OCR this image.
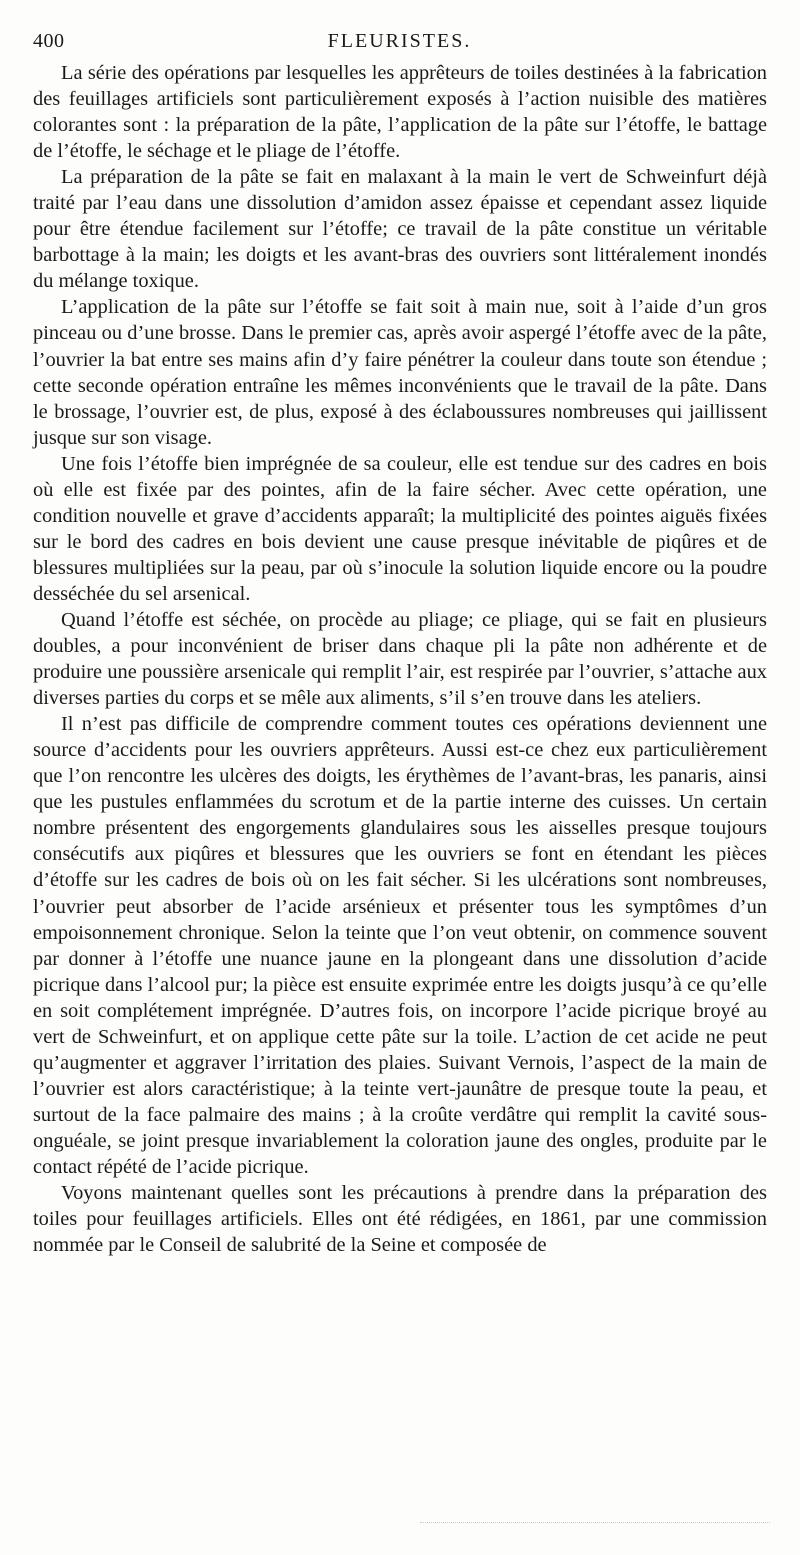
400	FLEURISTES.

La série des opérations par lesquelles les apprêteurs de toiles destinées à la fabrication des feuillages artificiels sont particulièrement exposés à l’action nuisible des matières colorantes sont : la préparation de la pâte, l’application de la pâte sur l’étoffe, le battage de l’étoffe, le séchage et le pliage de l’étoffe.

La préparation de la pâte se fait en malaxant à la main le vert de Schweinfurt déjà traité par l’eau dans une dissolution d’amidon assez épaisse et cependant assez liquide pour être étendue facilement sur l’étoffe; ce travail de la pâte constitue un véritable barbottage à la main; les doigts et les avant-bras des ouvriers sont littéralement inondés du mélange toxique.

L’application de la pâte sur l’étoffe se fait soit à main nue, soit à l’aide d’un gros pinceau ou d’une brosse. Dans le premier cas, après avoir aspergé l’étoffe avec de la pâte, l’ouvrier la bat entre ses mains afin d’y faire pénétrer la couleur dans toute son étendue ; cette seconde opération entraîne les mêmes inconvénients que le travail de la pâte. Dans le brossage, l’ouvrier est, de plus, exposé à des éclaboussures nombreuses qui jaillissent jusque sur son visage.

Une fois l’étoffe bien imprégnée de sa couleur, elle est tendue sur des cadres en bois où elle est fixée par des pointes, afin de la faire sécher. Avec cette opération, une condition nouvelle et grave d’accidents apparaît; la multiplicité des pointes aiguës fixées sur le bord des cadres en bois devient une cause presque inévitable de piqûres et de blessures multipliées sur la peau, par où s’inocule la solution liquide encore ou la poudre desséchée du sel arsenical.

Quand l’étoffe est séchée, on procède au pliage; ce pliage, qui se fait en plusieurs doubles, a pour inconvénient de briser dans chaque pli la pâte non adhérente et de produire une poussière arsenicale qui remplit l’air, est respirée par l’ouvrier, s’attache aux diverses parties du corps et se mêle aux aliments, s’il s’en trouve dans les ateliers.

Il n’est pas difficile de comprendre comment toutes ces opérations deviennent une source d’accidents pour les ouvriers apprêteurs. Aussi est-ce chez eux particulièrement que l’on rencontre les ulcères des doigts, les érythèmes de l’avant-bras, les panaris, ainsi que les pustules enflammées du scrotum et de la partie interne des cuisses. Un certain nombre présentent des engorgements glandulaires sous les aisselles presque toujours consécutifs aux piqûres et blessures que les ouvriers se font en étendant les pièces d’étoffe sur les cadres de bois où on les fait sécher. Si les ulcérations sont nombreuses, l’ouvrier peut absorber de l’acide arsénieux et présenter tous les symptômes d’un empoisonnement chronique. Selon la teinte que l’on veut obtenir, on commence souvent par donner à l’étoffe une nuance jaune en la plongeant dans une dissolution d’acide picrique dans l’alcool pur; la pièce est ensuite exprimée entre les doigts jusqu’à ce qu’elle en soit complétement imprégnée. D’autres fois, on incorpore l’acide picrique broyé au vert de Schweinfurt, et on applique cette pâte sur la toile. L’action de cet acide ne peut qu’augmenter et aggraver l’irritation des plaies. Suivant Vernois, l’aspect de la main de l’ouvrier est alors caractéristique; à la teinte vert-jaunâtre de presque toute la peau, et surtout de la face palmaire des mains ; à la croûte verdâtre qui remplit la cavité sous-onguéale, se joint presque invariablement la coloration jaune des ongles, produite par le contact répété de l’acide picrique.

Voyons maintenant quelles sont les précautions à prendre dans la préparation des toiles pour feuillages artificiels. Elles ont été rédigées, en 1861, par une commission nommée par le Conseil de salubrité de la Seine et composée de
